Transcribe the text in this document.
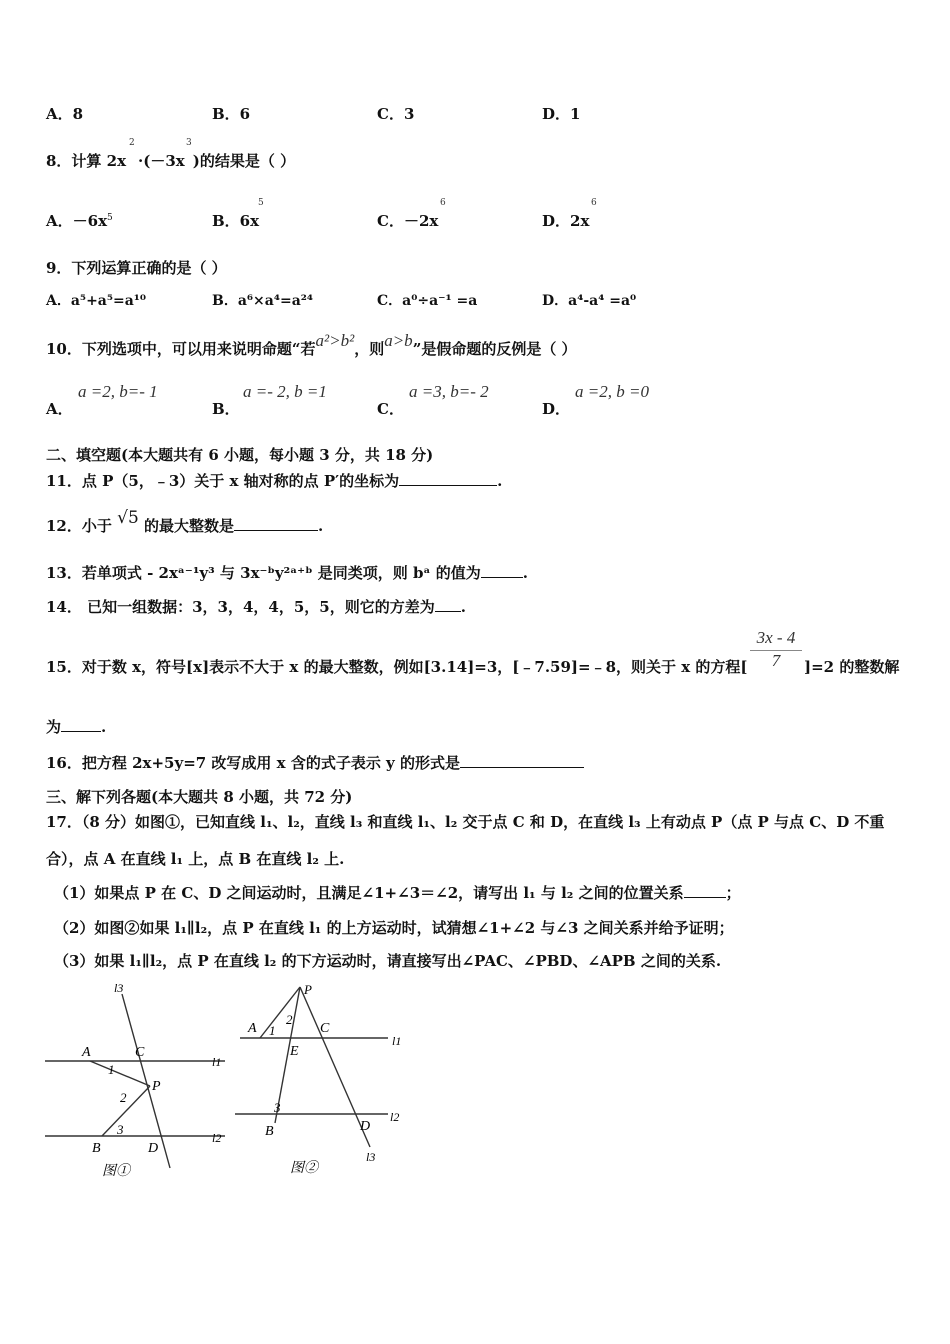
A．8	B．6	C．3	D．1
8．计算 2x
2
·(－3x
3
)的结果是（ ）
A．$-6x^5$	B．6x
5
C．－2x
6
D．2x
6
9．下列运算正确的是（ ）
A．a⁵+a⁵=a¹⁰	B．a⁶×a⁴=a²⁴	C．a⁰÷a⁻¹ =a	D．a⁴-a⁴ =a⁰
10．下列选项中，可以用来说明命题“若a²>b²，则a>b”是假命题的反例是（ ）
A．
a =2, b=- 1
B．
a =- 2, b =1
C．
a =3, b=- 2
D．
a =2, b =0
二、填空题(本大题共有 6 小题，每小题 3 分，共 18 分)
11．点 P（5，﹣3）关于 x 轴对称的点 P′的坐标为	.
12．小于 √5 的最大整数是	.
13．若单项式 - 2xᵃ⁻¹y³ 与 3x⁻ᵇy²ᵃ⁺ᵇ 是同类项，则 bᵃ 的值为	.
14． 已知一组数据：3，3，4，4，5，5，则它的方差为 .
15．对于数 x，符号[x]表示不大于 x 的最大整数，例如[3.14]=3，[﹣7.59]=﹣8，则关于 x 的方程[
3x - 4
7	]=2 的整数解
为	.
16．把方程 2x+5y=7 改写成用 x 含的式子表示 y 的形式是
三、解下列各题(本大题共 8 小题，共 72 分)
17．（8 分）如图①，已知直线 l₁、l₂，直线 l₃ 和直线 l₁、l₂ 交于点 C 和 D，在直线 l₃ 上有动点 P（点 P 与点 C、D 不重
合），点 A 在直线 l₁ 上，点 B 在直线 l₂ 上.
（1）如果点 P 在 C、D 之间运动时，且满足∠1+∠3＝∠2，请写出 l₁ 与 l₂ 之间的位置关系	；
（2）如图②如果 l₁∥l₂，点 P 在直线 l₁ 的上方运动时，试猜想∠1+∠2 与∠3 之间关系并给予证明；
（3）如果 l₁∥l₂，点 P 在直线 l₂ 的下方运动时，请直接写出∠PAC、∠PBD、∠APB 之间的关系.
l3
A	C
l1
1
P
2
3
B	D
l2
图①
P
A 1
2
C
l1
E
3
l2
B	D
l3
图②
